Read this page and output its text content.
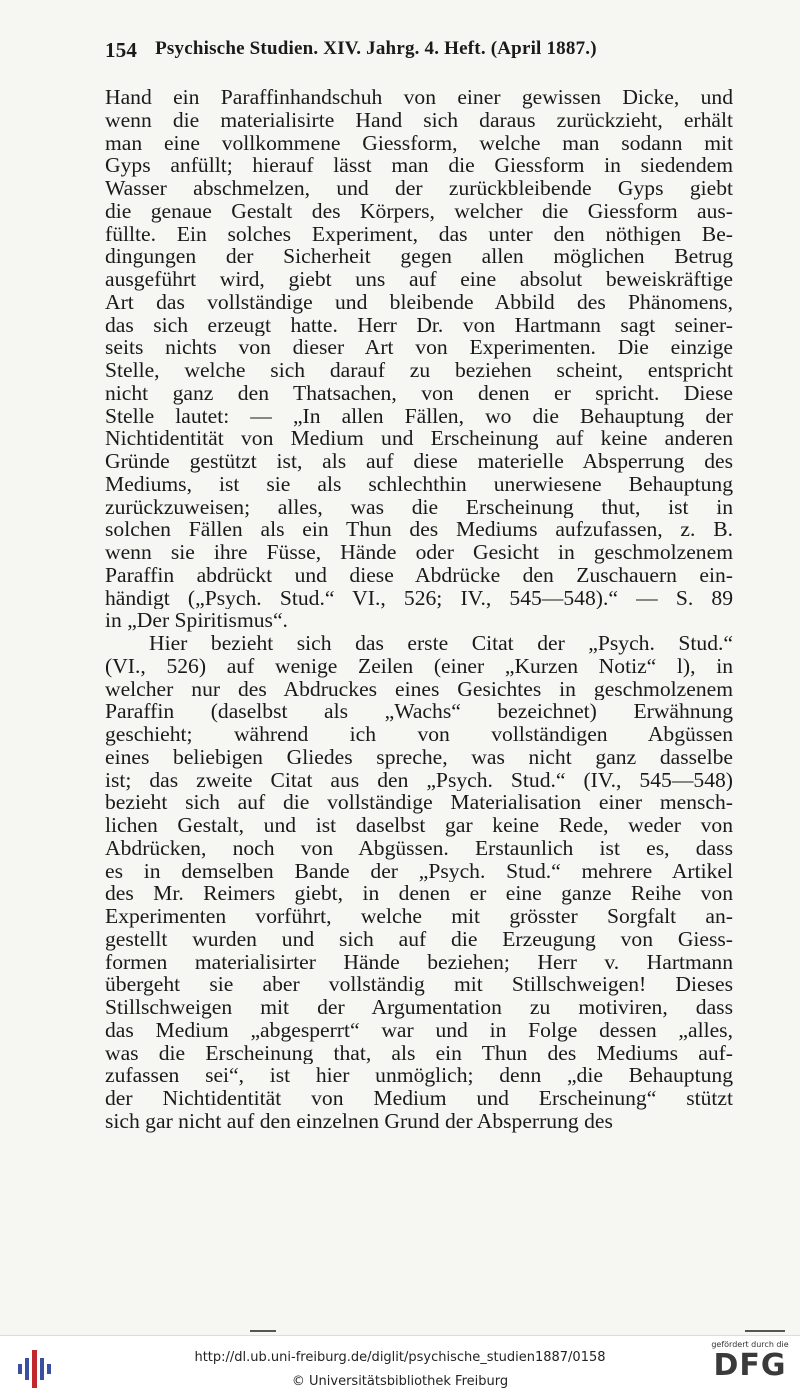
154 Psychische Studien. XIV. Jahrg. 4. Heft. (April 1887.)
Hand ein Paraffinhandschuh von einer gewissen Dicke, und
wenn die materialisirte Hand sich daraus zurückzieht, erhält
man eine vollkommene Giessform, welche man sodann mit
Gyps anfüllt; hierauf lässt man die Giessform in siedendem
Wasser abschmelzen, und der zurückbleibende Gyps giebt
die genaue Gestalt des Körpers, welcher die Giessform aus-
füllte. Ein solches Experiment, das unter den nöthigen Be-
dingungen der Sicherheit gegen allen möglichen Betrug
ausgeführt wird, giebt uns auf eine absolut beweiskräftige
Art das vollständige und bleibende Abbild des Phänomens,
das sich erzeugt hatte. Herr Dr. von Hartmann sagt seiner-
seits nichts von dieser Art von Experimenten. Die einzige
Stelle, welche sich darauf zu beziehen scheint, entspricht
nicht ganz den Thatsachen, von denen er spricht. Diese
Stelle lautet: — „In allen Fällen, wo die Behauptung der
Nichtidentität von Medium und Erscheinung auf keine anderen
Gründe gestützt ist, als auf diese materielle Absperrung des
Mediums, ist sie als schlechthin unerwiesene Behauptung
zurückzuweisen; alles, was die Erscheinung thut, ist in
solchen Fällen als ein Thun des Mediums aufzufassen, z. B.
wenn sie ihre Füsse, Hände oder Gesicht in geschmolzenem
Paraffin abdrückt und diese Abdrücke den Zuschauern ein-
händigt („Psych. Stud.“ VI., 526; IV., 545—548).“ — S. 89
in „Der Spiritismus“.
Hier bezieht sich das erste Citat der „Psych. Stud.“
(VI., 526) auf wenige Zeilen (einer „Kurzen Notiz“ l), in
welcher nur des Abdruckes eines Gesichtes in geschmolzenem
Paraffin (daselbst als „Wachs“ bezeichnet) Erwähnung
geschieht; während ich von vollständigen Abgüssen
eines beliebigen Gliedes spreche, was nicht ganz dasselbe
ist; das zweite Citat aus den „Psych. Stud.“ (IV., 545—548)
bezieht sich auf die vollständige Materialisation einer mensch-
lichen Gestalt, und ist daselbst gar keine Rede, weder von
Abdrücken, noch von Abgüssen. Erstaunlich ist es, dass
es in demselben Bande der „Psych. Stud.“ mehrere Artikel
des Mr. Reimers giebt, in denen er eine ganze Reihe von
Experimenten vorführt, welche mit grösster Sorgfalt an-
gestellt wurden und sich auf die Erzeugung von Giess-
formen materialisirter Hände beziehen; Herr v. Hartmann
übergeht sie aber vollständig mit Stillschweigen! Dieses
Stillschweigen mit der Argumentation zu motiviren, dass
das Medium „abgesperrt“ war und in Folge dessen „alles,
was die Erscheinung that, als ein Thun des Mediums auf-
zufassen sei“, ist hier unmöglich; denn „die Behauptung
der Nichtidentität von Medium und Erscheinung“ stützt
sich gar nicht auf den einzelnen Grund der Absperrung des
http://dl.ub.uni-freiburg.de/diglit/psychische_studien1887/0158
© Universitätsbibliothek Freiburg
gefördert durch die
DFG
